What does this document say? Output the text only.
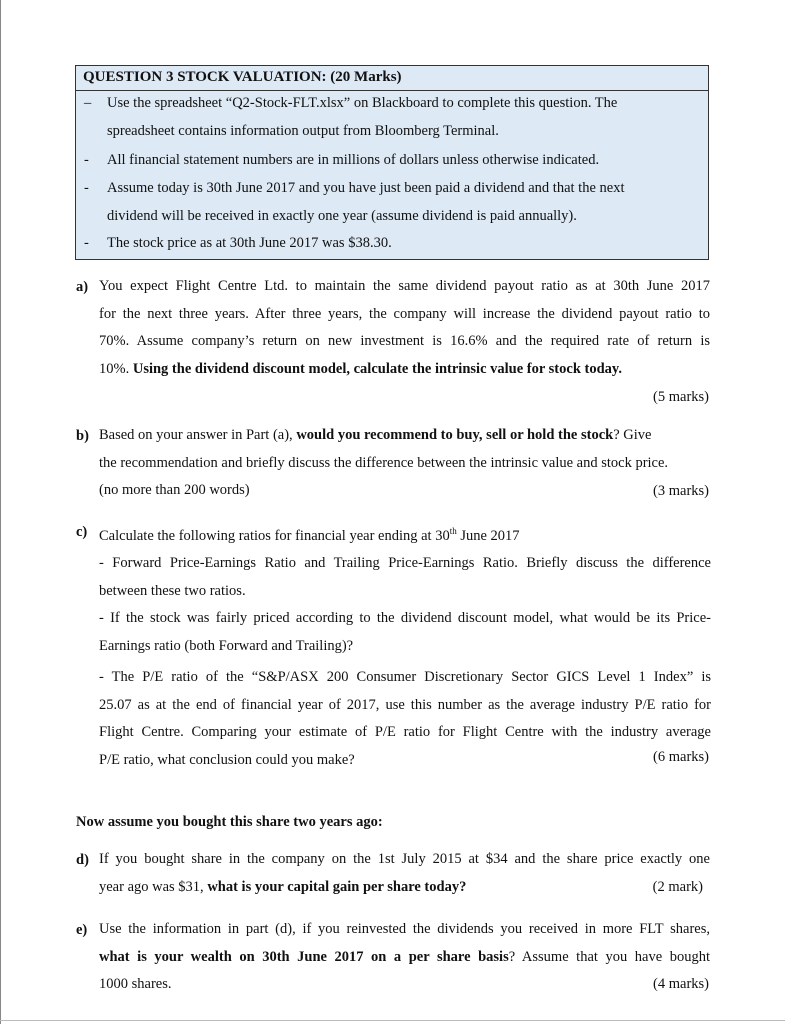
QUESTION 3 STOCK VALUATION: (20 Marks)
– Use the spreadsheet “Q2-Stock-FLT.xlsx” on Blackboard to complete this question. The
spreadsheet contains information output from Bloomberg Terminal.
- All financial statement numbers are in millions of dollars unless otherwise indicated.
- Assume today is 30th June 2017 and you have just been paid a dividend and that the next
dividend will be received in exactly one year (assume dividend is paid annually).
- The stock price as at 30th June 2017 was $38.30.
a) You expect Flight Centre Ltd. to maintain the same dividend payout ratio as at 30th June 2017
for the next three years. After three years, the company will increase the dividend payout ratio to
70%. Assume company’s return on new investment is 16.6% and the required rate of return is
10%. Using the dividend discount model, calculate the intrinsic value for stock today.
(5 marks)
b) Based on your answer in Part (a), would you recommend to buy, sell or hold the stock? Give
the recommendation and briefly discuss the difference between the intrinsic value and stock price.
(no more than 200 words)	(3 marks)
c) Calculate the following ratios for financial year ending at 30th June 2017
- Forward Price-Earnings Ratio and Trailing Price-Earnings Ratio. Briefly discuss the difference
between these two ratios.
- If the stock was fairly priced according to the dividend discount model, what would be its Price-
Earnings ratio (both Forward and Trailing)?
- The P/E ratio of the “S&P/ASX 200 Consumer Discretionary Sector GICS Level 1 Index” is
25.07 as at the end of financial year of 2017, use this number as the average industry P/E ratio for
Flight Centre. Comparing your estimate of P/E ratio for Flight Centre with the industry average
P/E ratio, what conclusion could you make?	(6 marks)
Now assume you bought this share two years ago:
d) If you bought share in the company on the 1st July 2015 at $34 and the share price exactly one
year ago was $31, what is your capital gain per share today?	(2 mark)
e) Use the information in part (d), if you reinvested the dividends you received in more FLT shares,
what is your wealth on 30th June 2017 on a per share basis? Assume that you have bought
1000 shares.	(4 marks)
